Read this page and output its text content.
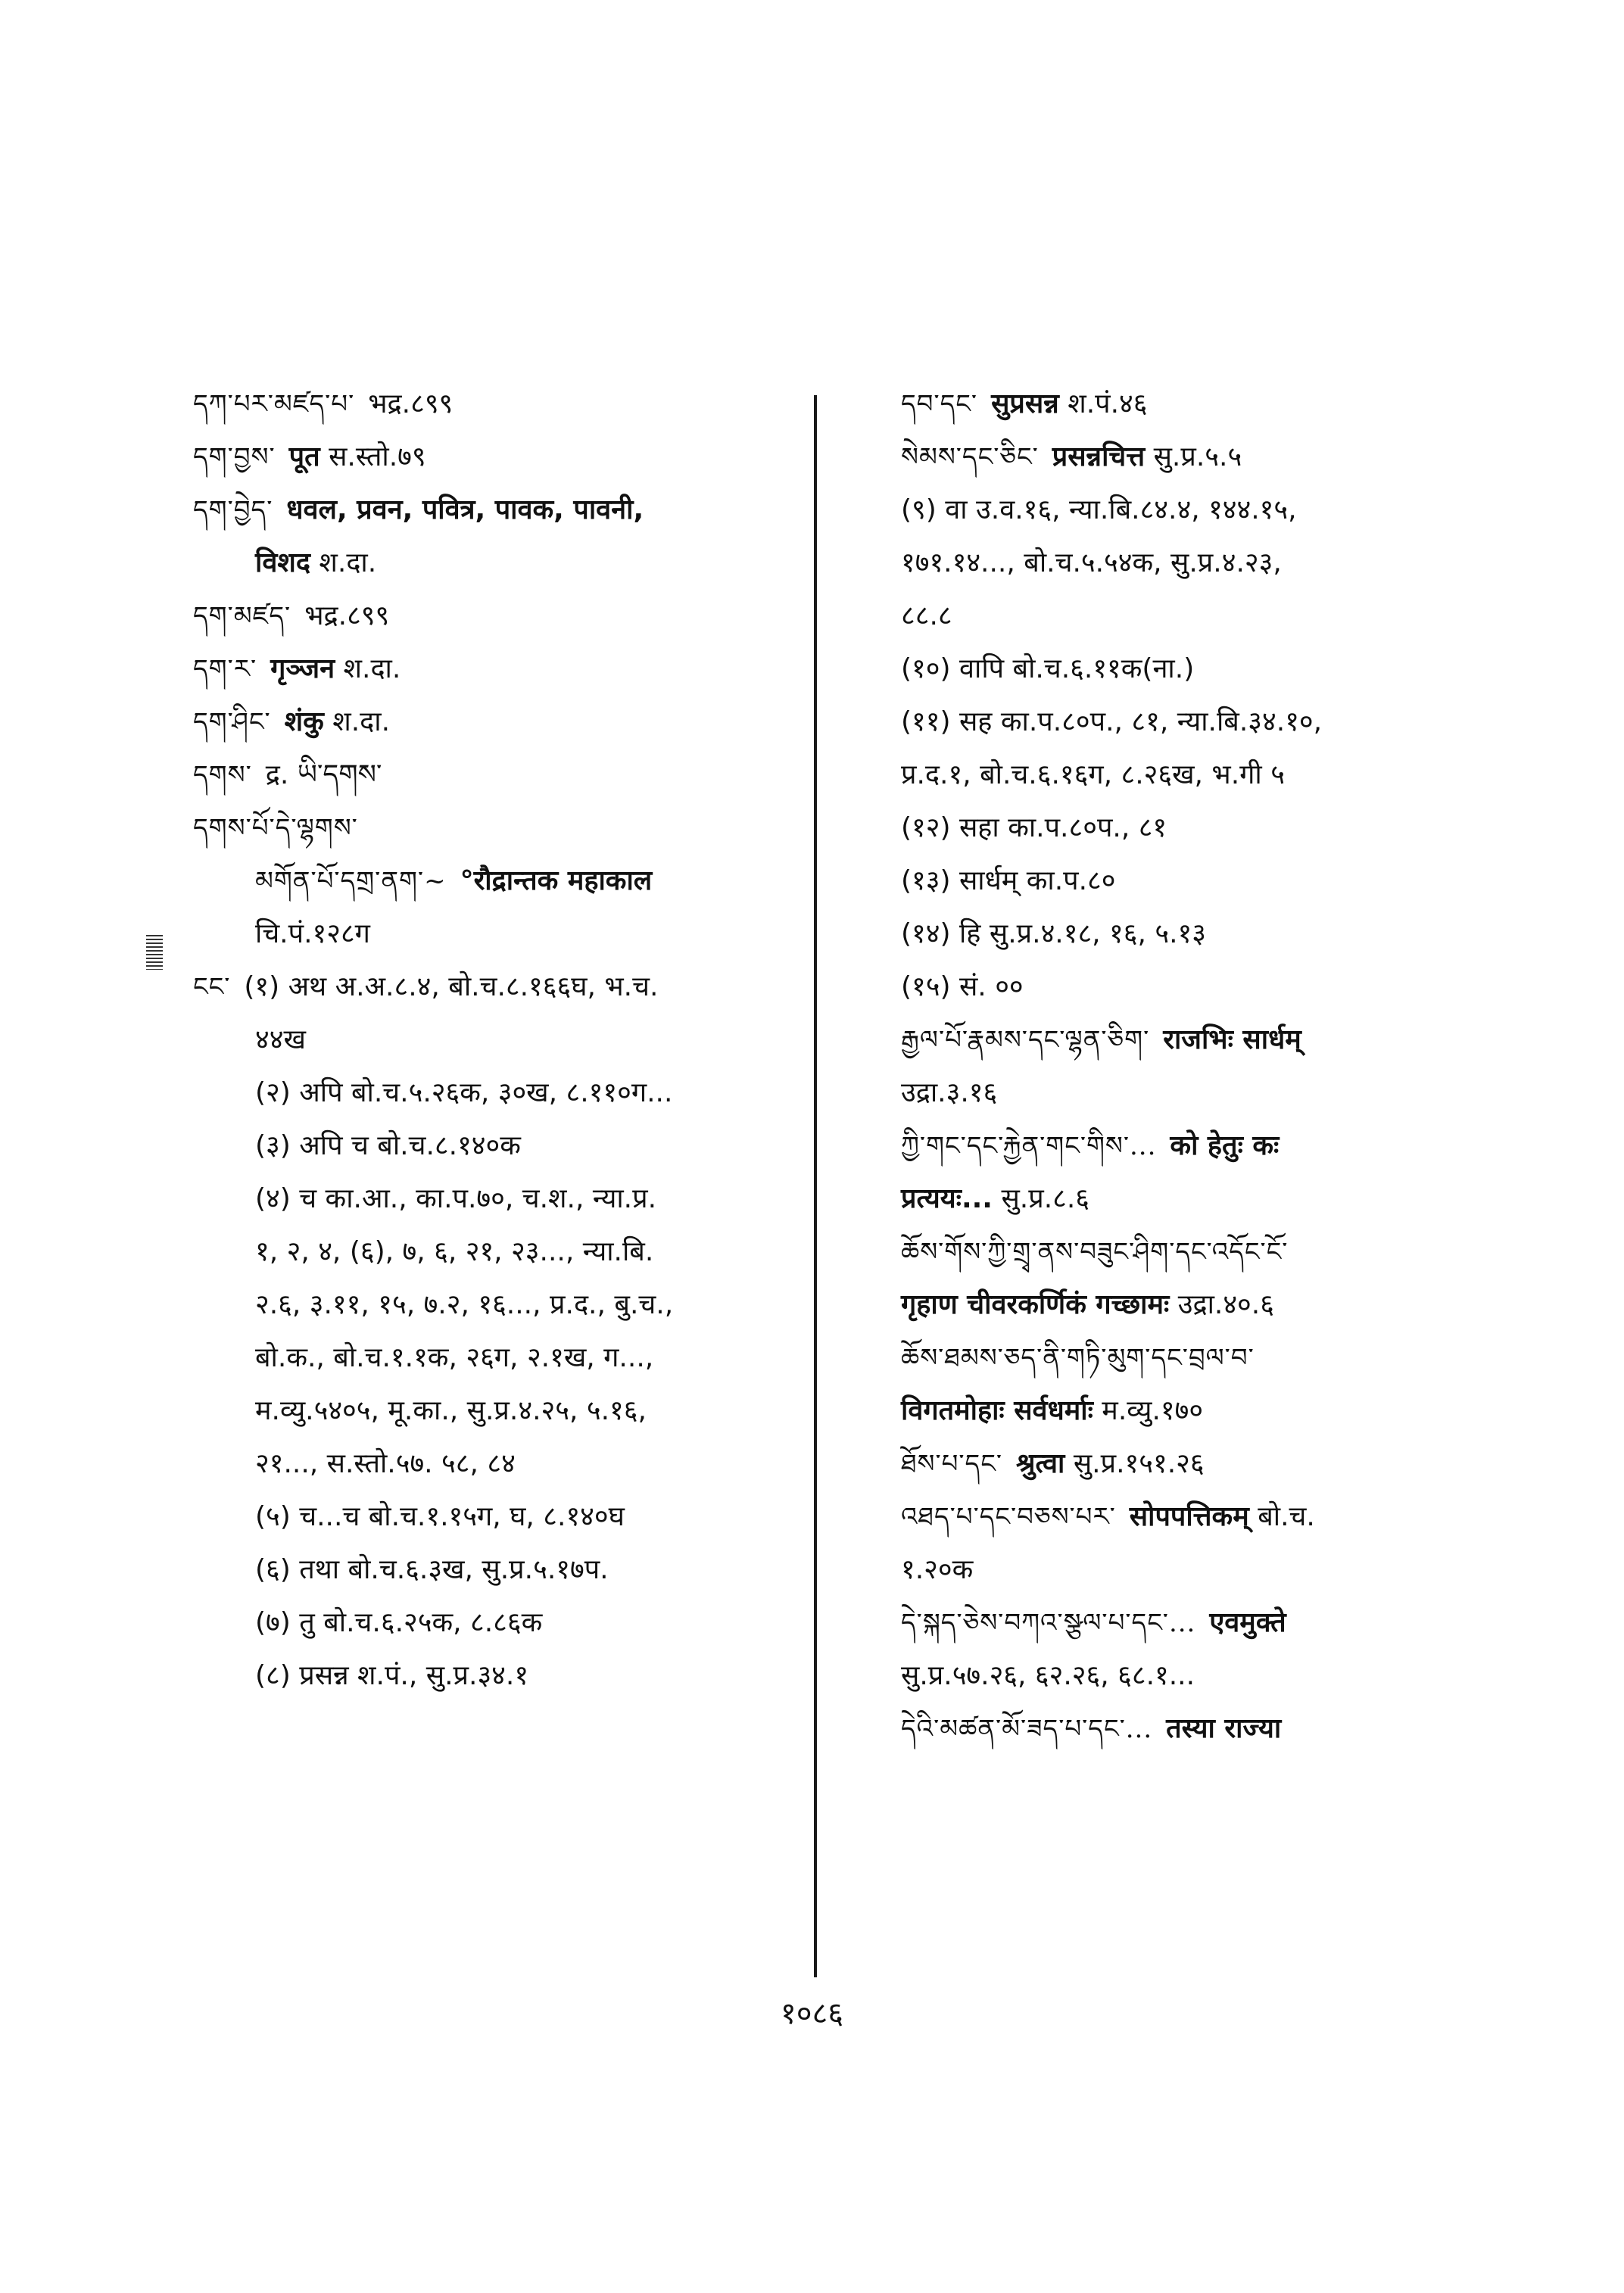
དཀ་པར་མཛད་པ་ भद्र.८९९
དག་བྱས་ पूत स.स्तो.७९
དག་བྱེད་ धवल, प्रवन, पवित्र, पावक, पावनी,
विशद श.दा.
དག་མཛད་ भद्र.८९९
དག་ར་ गृञ्जन श.दा.
དག་ཤིང་ शंकु श.दा.
དགས་ द्र. ཡི་དགས་
དགས་པོ་དེ་ལྷགས་
མགོན་པོ་དགྲ་ནག་~ °रौद्रान्तक महाकाल
चि.पं.१२८ग
ངང་ (१) अथ अ.अ.८.४, बो.च.८.१६६घ, भ.च.
४४ख
(२) अपि बो.च.५.२६क, ३०ख, ८.११०ग...
(३) अपि च बो.च.८.१४०क
(४) च का.आ., का.प.७०, च.श., न्या.प्र.
१, २, ४, (६), ७, ६, २१, २३..., न्या.बि.
२.६, ३.११, १५, ७.२, १६..., प्र.द., बु.च.,
बो.क., बो.च.१.१क, २६ग, २.१ख, ग...,
म.व्यु.५४०५, मू.का., सु.प्र.४.२५, ५.१६,
२१..., स.स्तो.५७. ५८, ८४
(५) च...च बो.च.१.१५ग, घ, ८.१४०घ
(६) तथा बो.च.६.३ख, सु.प्र.५.१७प.
(७) तु बो.च.६.२५क, ८.८६क
(८) प्रसन्न श.पं., सु.प्र.३४.१
དབ་དང་ सुप्रसन्न श.पं.४६
སེམས་དང་ཅིང་ प्रसन्नचित्त सु.प्र.५.५
(९) वा उ.व.१६, न्या.बि.८४.४, १४४.१५,
१७१.१४..., बो.च.५.५४क, सु.प्र.४.२३,
८८.८
(१०) वापि बो.च.६.११क(ना.)
(११) सह का.प.८०प., ८१, न्या.बि.३४.१०,
प्र.द.१, बो.च.६.१६ग, ८.२६ख, भ.गी ५
(१२) सहा का.प.८०प., ८१
(१३) सार्धम् का.प.८०
(१४) हि सु.प्र.४.१८, १६, ५.१३
(१५) सं. ००
རྒྱལ་པོ་རྣམས་དང་ལྷན་ཅིག་ राजभिः सार्धम्
उद्रा.३.१६
ཀྱི་གང་དང་རྐྱེན་གང་གིས་... को हेतुः कः
प्रत्ययः... सु.प्र.८.६
ཆོས་གོས་ཀྱི་གྲྭ་ནས་བཟུང་ཤིག་དང་འདོང་ངོ་
गृहाण चीवरकर्णिकं गच्छामः उद्रा.४०.६
ཆོས་ཐམས་ཅད་ནི་གཏི་མུག་དང་བྲལ་བ་
विगतमोहाः सर्वधर्माः म.व्यु.१७०
ཐོས་པ་དང་ श्रुत्वा सु.प्र.१५१.२६
འཐད་པ་དང་བཅས་པར་ सोपपत्तिकम् बो.च.
१.२०क
དེ་སྐད་ཅེས་བཀའ་སྩལ་པ་དང་... एवमुक्ते
सु.प्र.५७.२६, ६२.२६, ६८.१...
དེའི་མཚན་མོ་ཟད་པ་དང་... तस्या राज्या
१०८६
